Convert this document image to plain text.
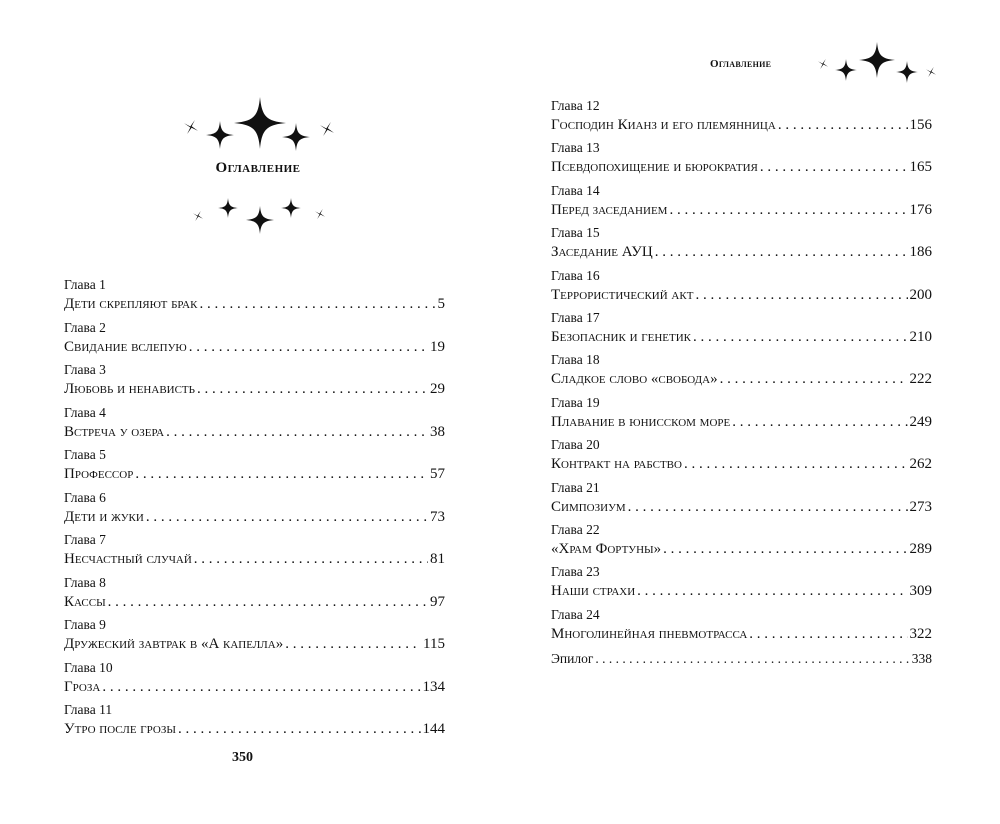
Оглавление
Глава 1
Дети скрепляют брак . . .	5
Глава 2
Свидание вслепую . . .	19
Глава 3
Любовь и ненависть . . .	29
Глава 4
Встреча у озера . . .	38
Глава 5
Профессор . . .	57
Глава 6
Дети и жуки . . .	73
Глава 7
Несчастный случай . . .	81
Глава 8
Кассы . . .	97
Глава 9
Дружеский завтрак в «А капелла» . . .	115
Глава 10
Гроза . . .	134
Глава 11
Утро после грозы . . .	144
350
Оглавление
Глава 12
Господин Кианз и его племянница . . .	156
Глава 13
Псевдопохищение и бюрократия . . .	165
Глава 14
Перед заседанием . . .	176
Глава 15
Заседание АУЦ . . .	186
Глава 16
Террористический акт . . .	200
Глава 17
Безопасник и генетик . . .	210
Глава 18
Сладкое слово «свобода» . . .	222
Глава 19
Плавание в юнисском море . . .	249
Глава 20
Контракт на рабство . . .	262
Глава 21
Симпозиум . . .	273
Глава 22
«Храм Фортуны» . . .	289
Глава 23
Наши страхи . . .	309
Глава 24
Многолинейная пневмотрасса . . .	322
Эпилог . . .	338
